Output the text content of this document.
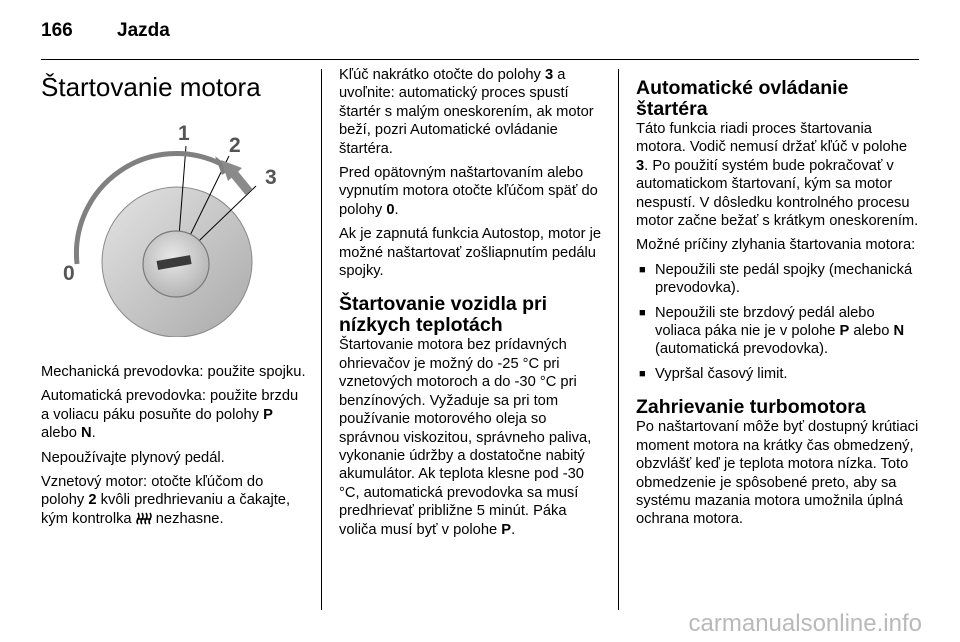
166 Jazda
Štartovanie motora
0
1
2
3

Mechanická prevodovka: použite spojku.

Automatická prevodovka: použite brzdu a voliacu páku posuňte do polohy P alebo N.

Nepoužívajte plynový pedál.

Vznetový motor: otočte kľúčom do polohy 2 kvôli predhrievaniu a čakajte, kým kontrolka  nezhasne.

Kľúč nakrátko otočte do polohy 3 a uvoľnite: automatický proces spustí štartér s malým oneskorením, ak motor beží, pozri Automatické ovládanie štartéra.

Pred opätovným naštartovaním alebo vypnutím motora otočte kľúčom späť do polohy 0.

Ak je zapnutá funkcia Autostop, motor je možné naštartovať zošliapnutím pedálu spojky.

Štartovanie vozidla pri nízkych teplotách

Štartovanie motora bez prídavných ohrievačov je možný do -25 °C pri vznetových motoroch a do -30 °C pri benzínových. Vyžaduje sa pri tom používanie motorového oleja so správnou viskozitou, správneho paliva, vykonanie údržby a dostatočne nabitý akumulátor. Ak teplota klesne pod -30 °C, automatická prevodovka sa musí predhrievať približne 5 minút. Páka voliča musí byť v polohe P.

Automatické ovládanie štartéra

Táto funkcia riadi proces štartovania motora. Vodič nemusí držať kľúč v polohe 3. Po použití systém bude pokračovať v automatickom štartovaní, kým sa motor nespustí. V dôsledku kontrolného procesu motor začne bežať s krátkym oneskorením.

Možné príčiny zlyhania štartovania motora:

■ Nepoužili ste pedál spojky (mechanická prevodovka).
■ Nepoužili ste brzdový pedál alebo voliaca páka nie je v polohe P alebo N (automatická prevodovka).
■ Vypršal časový limit.
Zahrievanie turbomotora

Po naštartovaní môže byť dostupný krútiaci moment motora na krátky čas obmedzený, obzvlášť keď je teplota motora nízka. Toto obmedzenie je spôsobené preto, aby sa systému mazania motora umožnila úplná ochrana motora.

carmanualsonline.info
